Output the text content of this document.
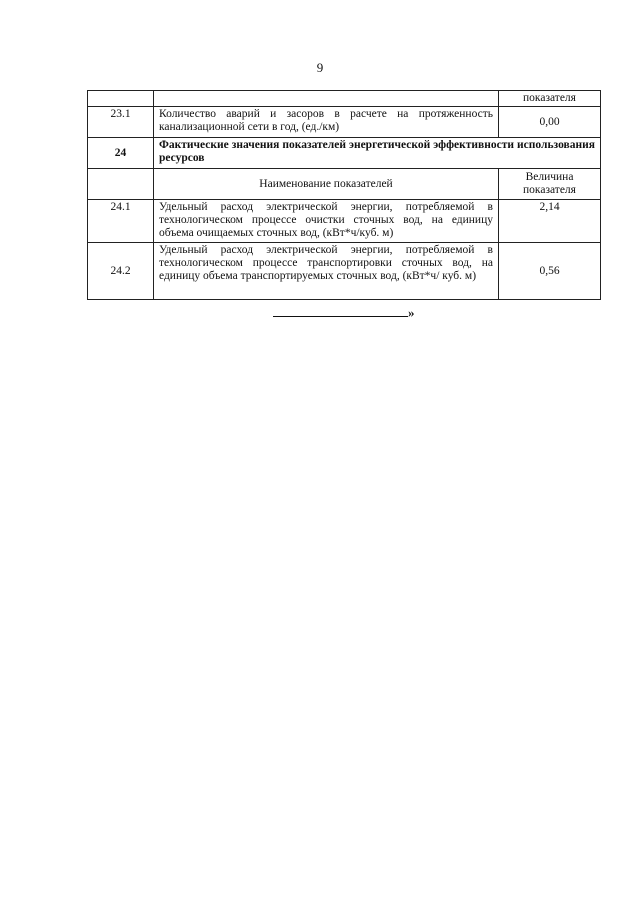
9
		показателя
23.1	Количество аварий и засоров в расчете на протяженность канализационной сети в год, (ед./км)	0,00
24	Фактические значения показателей энергетической эффективности использования ресурсов	
	Наименование показателей	Величина показателя
24.1	Удельный расход электрической энергии, потребляемой в технологическом процессе очистки сточных вод, на единицу объема очищаемых сточных вод, (кВт*ч/куб. м)	2,14
24.2	Удельный расход электрической энергии, потребляемой в технологическом процессе транспортировки сточных вод, на единицу объема транспортируемых сточных вод, (кВт*ч/ куб. м)	0,56
»
